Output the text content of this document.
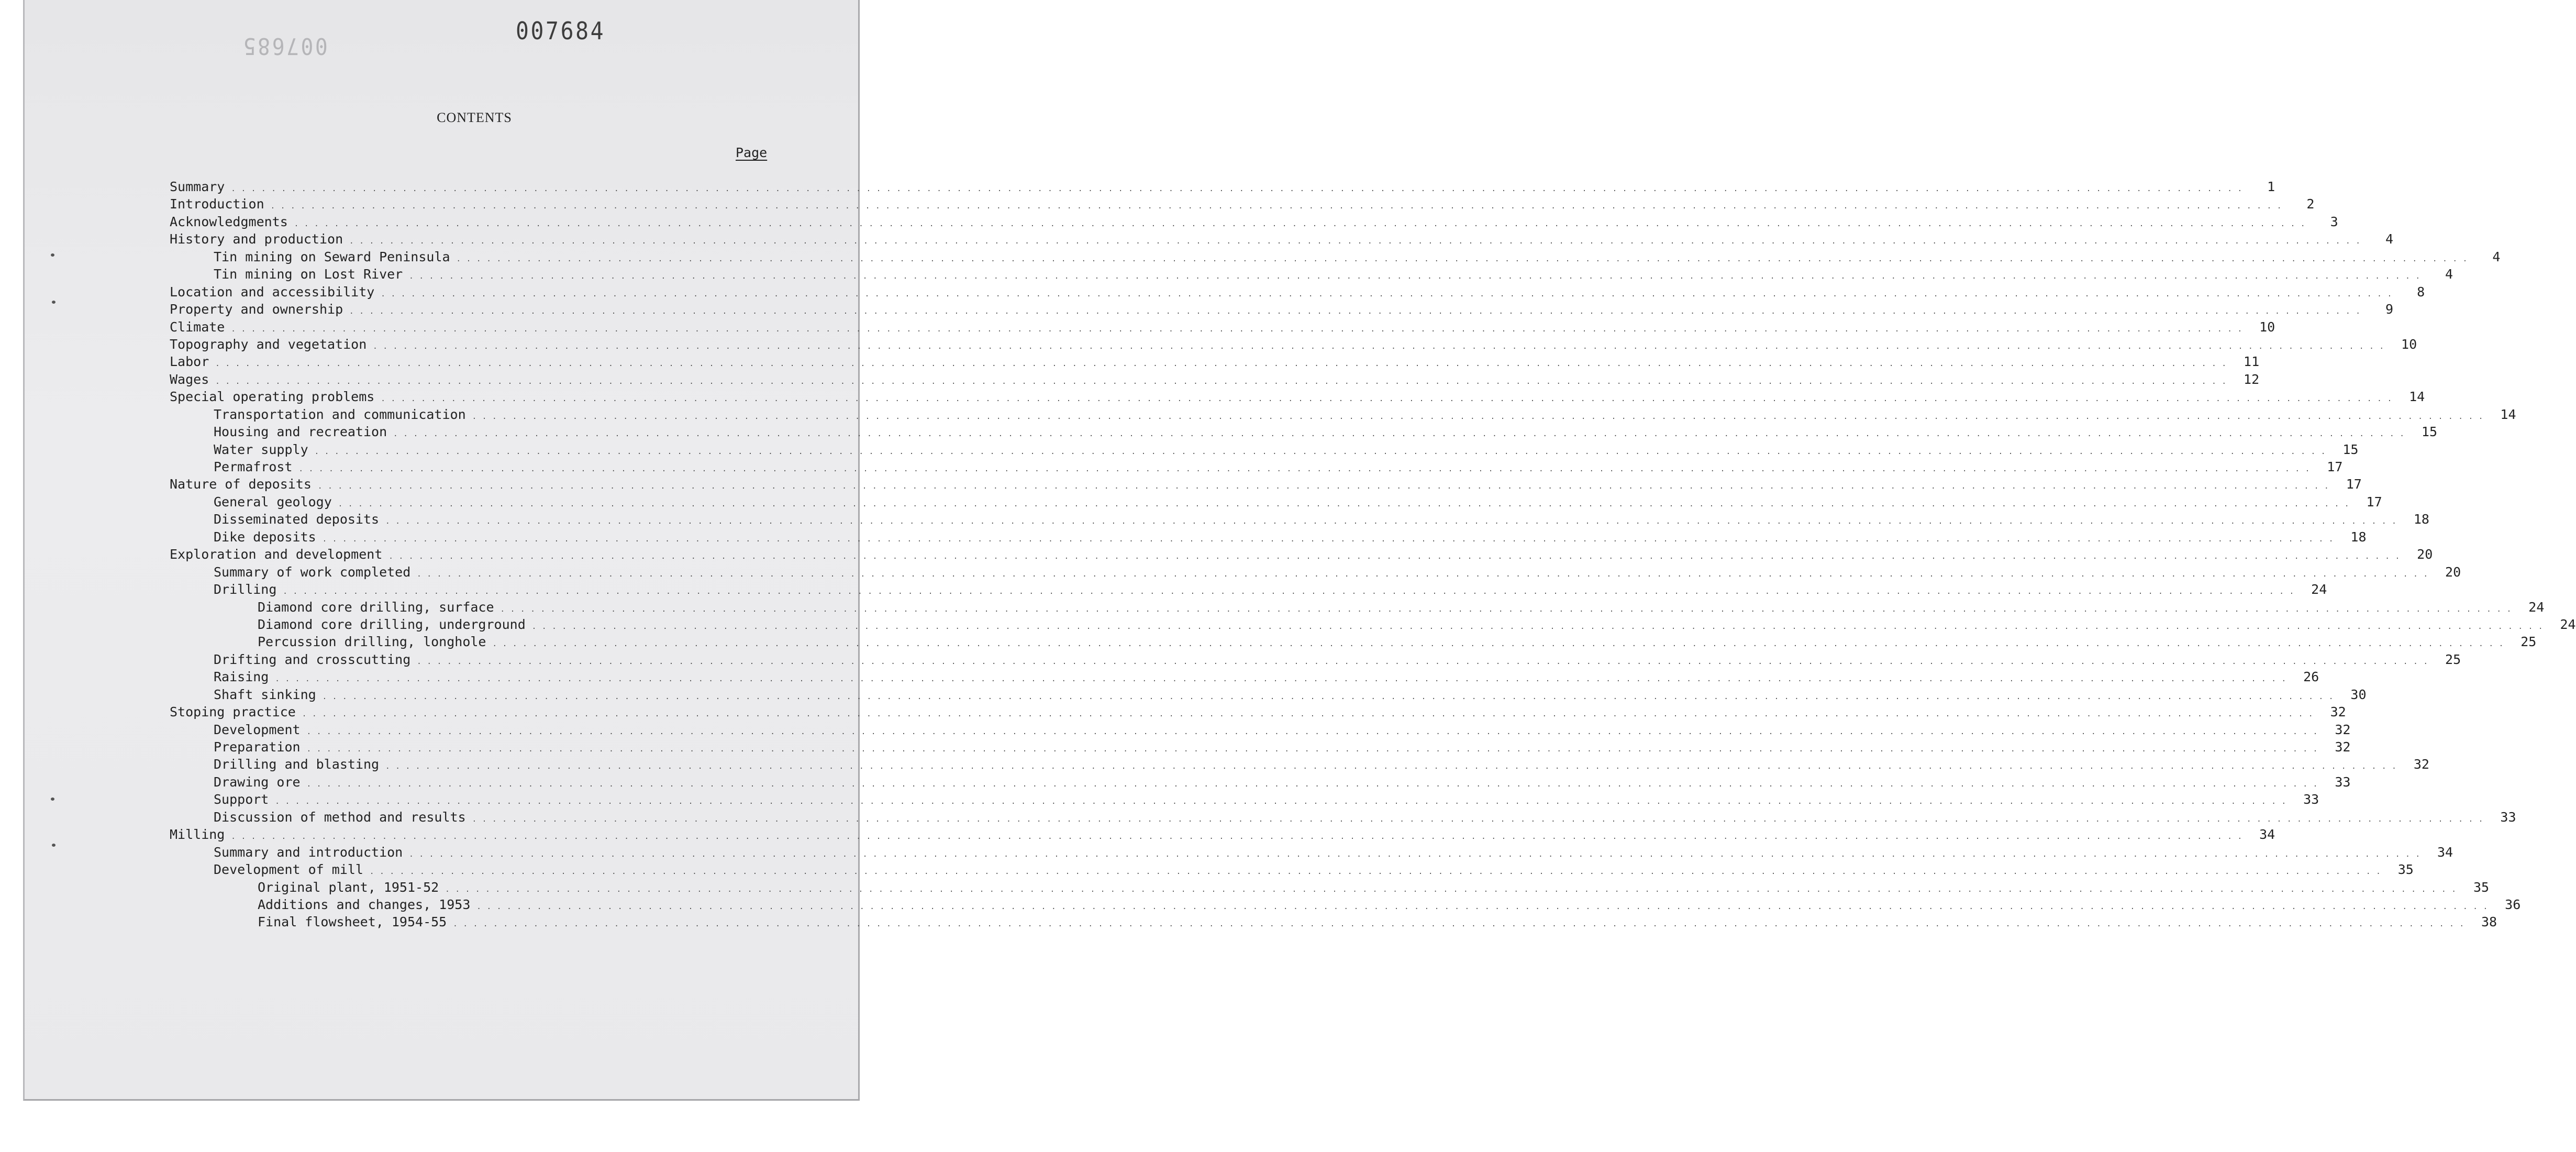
007685
007684
CONTENTS
Page
Summary . . . . . . . . . . . . . . . . . . . . . . . . . . . . . . . . . . . . . . . . . . . . . . . . . . . . . . . . . . . . . . . . . . . . . . . . . . . . . . . . . . . . . . . . . . . . . . . . . . . . . . . . . . . . . . . . . . . . . . . . . . . . . . . . . . . . . . . . . . . . . . . . . . . . . . . . . . . . . . . . . . . . . . . . . . . . . . . . . . . . . . . . . . . . . . . . . . . . . . . .	1
Introduction . . . . . . . . . . . . . . . . . . . . . . . . . . . . . . . . . . . . . . . . . . . . . . . . . . . . . . . . . . . . . . . . . . . . . . . . . . . . . . . . . . . . . . . . . . . . . . . . . . . . . . . . . . . . . . . . . . . . . . . . . . . . . . . . . . . . . . . . . . . . . . . . . . . . . . . . . . . . . . . . . . . . . . . . . . . . . . . . . . . . . . . . . . . . . . . . . . . . . . . .	2
Acknowledgments . . . . . . . . . . . . . . . . . . . . . . . . . . . . . . . . . . . . . . . . . . . . . . . . . . . . . . . . . . . . . . . . . . . . . . . . . . . . . . . . . . . . . . . . . . . . . . . . . . . . . . . . . . . . . . . . . . . . . . . . . . . . . . . . . . . . . . . . . . . . . . . . . . . . . . . . . . . . . . . . . . . . . . . . . . . . . . . . . . . . . . . . . . . . . . . . . . . . . . . .	3
History and production . . . . . . . . . . . . . . . . . . . . . . . . . . . . . . . . . . . . . . . . . . . . . . . . . . . . . . . . . . . . . . . . . . . . . . . . . . . . . . . . . . . . . . . . . . . . . . . . . . . . . . . . . . . . . . . . . . . . . . . . . . . . . . . . . . . . . . . . . . . . . . . . . . . . . . . . . . . . . . . . . . . . . . . . . . . . . . . . . . . . . . . . . . . . . . . . . . . . . . . .	4
Tin mining on Seward Peninsula . . . . . . . . . . . . . . . . . . . . . . . . . . . . . . . . . . . . . . . . . . . . . . . . . . . . . . . . . . . . . . . . . . . . . . . . . . . . . . . . . . . . . . . . . . . . . . . . . . . . . . . . . . . . . . . . . . . . . . . . . . . . . . . . . . . . . . . . . . . . . . . . . . . . . . . . . . . . . . . . . . . . . . . . . . . . . . . . . . . . . . . . . . . . . . . . . . . . . . . .	4
Tin mining on Lost River . . . . . . . . . . . . . . . . . . . . . . . . . . . . . . . . . . . . . . . . . . . . . . . . . . . . . . . . . . . . . . . . . . . . . . . . . . . . . . . . . . . . . . . . . . . . . . . . . . . . . . . . . . . . . . . . . . . . . . . . . . . . . . . . . . . . . . . . . . . . . . . . . . . . . . . . . . . . . . . . . . . . . . . . . . . . . . . . . . . . . . . . . . . . . . . . . . . . . . . .	4
Location and accessibility . . . . . . . . . . . . . . . . . . . . . . . . . . . . . . . . . . . . . . . . . . . . . . . . . . . . . . . . . . . . . . . . . . . . . . . . . . . . . . . . . . . . . . . . . . . . . . . . . . . . . . . . . . . . . . . . . . . . . . . . . . . . . . . . . . . . . . . . . . . . . . . . . . . . . . . . . . . . . . . . . . . . . . . . . . . . . . . . . . . . . . . . . . . . . . . . . . . . . . . .	8
Property and ownership . . . . . . . . . . . . . . . . . . . . . . . . . . . . . . . . . . . . . . . . . . . . . . . . . . . . . . . . . . . . . . . . . . . . . . . . . . . . . . . . . . . . . . . . . . . . . . . . . . . . . . . . . . . . . . . . . . . . . . . . . . . . . . . . . . . . . . . . . . . . . . . . . . . . . . . . . . . . . . . . . . . . . . . . . . . . . . . . . . . . . . . . . . . . . . . . . . . . . . . .	9
Climate . . . . . . . . . . . . . . . . . . . . . . . . . . . . . . . . . . . . . . . . . . . . . . . . . . . . . . . . . . . . . . . . . . . . . . . . . . . . . . . . . . . . . . . . . . . . . . . . . . . . . . . . . . . . . . . . . . . . . . . . . . . . . . . . . . . . . . . . . . . . . . . . . . . . . . . . . . . . . . . . . . . . . . . . . . . . . . . . . . . . . . . . . . . . . . . . . . . . . . . .	10
Topography and vegetation . . . . . . . . . . . . . . . . . . . . . . . . . . . . . . . . . . . . . . . . . . . . . . . . . . . . . . . . . . . . . . . . . . . . . . . . . . . . . . . . . . . . . . . . . . . . . . . . . . . . . . . . . . . . . . . . . . . . . . . . . . . . . . . . . . . . . . . . . . . . . . . . . . . . . . . . . . . . . . . . . . . . . . . . . . . . . . . . . . . . . . . . . . . . . . . . . . . . . . . .	10
Labor . . . . . . . . . . . . . . . . . . . . . . . . . . . . . . . . . . . . . . . . . . . . . . . . . . . . . . . . . . . . . . . . . . . . . . . . . . . . . . . . . . . . . . . . . . . . . . . . . . . . . . . . . . . . . . . . . . . . . . . . . . . . . . . . . . . . . . . . . . . . . . . . . . . . . . . . . . . . . . . . . . . . . . . . . . . . . . . . . . . . . . . . . . . . . . . . . . . . . . . .	11
Wages . . . . . . . . . . . . . . . . . . . . . . . . . . . . . . . . . . . . . . . . . . . . . . . . . . . . . . . . . . . . . . . . . . . . . . . . . . . . . . . . . . . . . . . . . . . . . . . . . . . . . . . . . . . . . . . . . . . . . . . . . . . . . . . . . . . . . . . . . . . . . . . . . . . . . . . . . . . . . . . . . . . . . . . . . . . . . . . . . . . . . . . . . . . . . . . . . . . . . . . .	12
Special operating problems . . . . . . . . . . . . . . . . . . . . . . . . . . . . . . . . . . . . . . . . . . . . . . . . . . . . . . . . . . . . . . . . . . . . . . . . . . . . . . . . . . . . . . . . . . . . . . . . . . . . . . . . . . . . . . . . . . . . . . . . . . . . . . . . . . . . . . . . . . . . . . . . . . . . . . . . . . . . . . . . . . . . . . . . . . . . . . . . . . . . . . . . . . . . . . . . . . . . . . . .	14
Transportation and communication . . . . . . . . . . . . . . . . . . . . . . . . . . . . . . . . . . . . . . . . . . . . . . . . . . . . . . . . . . . . . . . . . . . . . . . . . . . . . . . . . . . . . . . . . . . . . . . . . . . . . . . . . . . . . . . . . . . . . . . . . . . . . . . . . . . . . . . . . . . . . . . . . . . . . . . . . . . . . . . . . . . . . . . . . . . . . . . . . . . . . . . . . . . . . . . . . . . . . . . .	14
Housing and recreation . . . . . . . . . . . . . . . . . . . . . . . . . . . . . . . . . . . . . . . . . . . . . . . . . . . . . . . . . . . . . . . . . . . . . . . . . . . . . . . . . . . . . . . . . . . . . . . . . . . . . . . . . . . . . . . . . . . . . . . . . . . . . . . . . . . . . . . . . . . . . . . . . . . . . . . . . . . . . . . . . . . . . . . . . . . . . . . . . . . . . . . . . . . . . . . . . . . . . . . .	15
Water supply . . . . . . . . . . . . . . . . . . . . . . . . . . . . . . . . . . . . . . . . . . . . . . . . . . . . . . . . . . . . . . . . . . . . . . . . . . . . . . . . . . . . . . . . . . . . . . . . . . . . . . . . . . . . . . . . . . . . . . . . . . . . . . . . . . . . . . . . . . . . . . . . . . . . . . . . . . . . . . . . . . . . . . . . . . . . . . . . . . . . . . . . . . . . . . . . . . . . . . . .	15
Permafrost . . . . . . . . . . . . . . . . . . . . . . . . . . . . . . . . . . . . . . . . . . . . . . . . . . . . . . . . . . . . . . . . . . . . . . . . . . . . . . . . . . . . . . . . . . . . . . . . . . . . . . . . . . . . . . . . . . . . . . . . . . . . . . . . . . . . . . . . . . . . . . . . . . . . . . . . . . . . . . . . . . . . . . . . . . . . . . . . . . . . . . . . . . . . . . . . . . . . . . . .	17
Nature of deposits . . . . . . . . . . . . . . . . . . . . . . . . . . . . . . . . . . . . . . . . . . . . . . . . . . . . . . . . . . . . . . . . . . . . . . . . . . . . . . . . . . . . . . . . . . . . . . . . . . . . . . . . . . . . . . . . . . . . . . . . . . . . . . . . . . . . . . . . . . . . . . . . . . . . . . . . . . . . . . . . . . . . . . . . . . . . . . . . . . . . . . . . . . . . . . . . . . . . . . . .	17
General geology . . . . . . . . . . . . . . . . . . . . . . . . . . . . . . . . . . . . . . . . . . . . . . . . . . . . . . . . . . . . . . . . . . . . . . . . . . . . . . . . . . . . . . . . . . . . . . . . . . . . . . . . . . . . . . . . . . . . . . . . . . . . . . . . . . . . . . . . . . . . . . . . . . . . . . . . . . . . . . . . . . . . . . . . . . . . . . . . . . . . . . . . . . . . . . . . . . . . . . . .	17
Disseminated deposits . . . . . . . . . . . . . . . . . . . . . . . . . . . . . . . . . . . . . . . . . . . . . . . . . . . . . . . . . . . . . . . . . . . . . . . . . . . . . . . . . . . . . . . . . . . . . . . . . . . . . . . . . . . . . . . . . . . . . . . . . . . . . . . . . . . . . . . . . . . . . . . . . . . . . . . . . . . . . . . . . . . . . . . . . . . . . . . . . . . . . . . . . . . . . . . . . . . . . . . .	18
Dike deposits . . . . . . . . . . . . . . . . . . . . . . . . . . . . . . . . . . . . . . . . . . . . . . . . . . . . . . . . . . . . . . . . . . . . . . . . . . . . . . . . . . . . . . . . . . . . . . . . . . . . . . . . . . . . . . . . . . . . . . . . . . . . . . . . . . . . . . . . . . . . . . . . . . . . . . . . . . . . . . . . . . . . . . . . . . . . . . . . . . . . . . . . . . . . . . . . . . . . . . . .	18
Exploration and development . . . . . . . . . . . . . . . . . . . . . . . . . . . . . . . . . . . . . . . . . . . . . . . . . . . . . . . . . . . . . . . . . . . . . . . . . . . . . . . . . . . . . . . . . . . . . . . . . . . . . . . . . . . . . . . . . . . . . . . . . . . . . . . . . . . . . . . . . . . . . . . . . . . . . . . . . . . . . . . . . . . . . . . . . . . . . . . . . . . . . . . . . . . . . . . . . . . . . . . .	20
Summary of work completed . . . . . . . . . . . . . . . . . . . . . . . . . . . . . . . . . . . . . . . . . . . . . . . . . . . . . . . . . . . . . . . . . . . . . . . . . . . . . . . . . . . . . . . . . . . . . . . . . . . . . . . . . . . . . . . . . . . . . . . . . . . . . . . . . . . . . . . . . . . . . . . . . . . . . . . . . . . . . . . . . . . . . . . . . . . . . . . . . . . . . . . . . . . . . . . . . . . . . . . .	20
Drilling . . . . . . . . . . . . . . . . . . . . . . . . . . . . . . . . . . . . . . . . . . . . . . . . . . . . . . . . . . . . . . . . . . . . . . . . . . . . . . . . . . . . . . . . . . . . . . . . . . . . . . . . . . . . . . . . . . . . . . . . . . . . . . . . . . . . . . . . . . . . . . . . . . . . . . . . . . . . . . . . . . . . . . . . . . . . . . . . . . . . . . . . . . . . . . . . . . . . . . . .	24
Diamond core drilling, surface . . . . . . . . . . . . . . . . . . . . . . . . . . . . . . . . . . . . . . . . . . . . . . . . . . . . . . . . . . . . . . . . . . . . . . . . . . . . . . . . . . . . . . . . . . . . . . . . . . . . . . . . . . . . . . . . . . . . . . . . . . . . . . . . . . . . . . . . . . . . . . . . . . . . . . . . . . . . . . . . . . . . . . . . . . . . . . . . . . . . . . . . . . . . . . . . . . . . . . . .	24
Diamond core drilling, underground . . . . . . . . . . . . . . . . . . . . . . . . . . . . . . . . . . . . . . . . . . . . . . . . . . . . . . . . . . . . . . . . . . . . . . . . . . . . . . . . . . . . . . . . . . . . . . . . . . . . . . . . . . . . . . . . . . . . . . . . . . . . . . . . . . . . . . . . . . . . . . . . . . . . . . . . . . . . . . . . . . . . . . . . . . . . . . . . . . . . . . . . . . . . . . . . . . . . . . . .	24
Percussion drilling, longhole . . . . . . . . . . . . . . . . . . . . . . . . . . . . . . . . . . . . . . . . . . . . . . . . . . . . . . . . . . . . . . . . . . . . . . . . . . . . . . . . . . . . . . . . . . . . . . . . . . . . . . . . . . . . . . . . . . . . . . . . . . . . . . . . . . . . . . . . . . . . . . . . . . . . . . . . . . . . . . . . . . . . . . . . . . . . . . . . . . . . . . . . . . . . . . . . . . . . . . . .	25
Drifting and crosscutting . . . . . . . . . . . . . . . . . . . . . . . . . . . . . . . . . . . . . . . . . . . . . . . . . . . . . . . . . . . . . . . . . . . . . . . . . . . . . . . . . . . . . . . . . . . . . . . . . . . . . . . . . . . . . . . . . . . . . . . . . . . . . . . . . . . . . . . . . . . . . . . . . . . . . . . . . . . . . . . . . . . . . . . . . . . . . . . . . . . . . . . . . . . . . . . . . . . . . . . .	25
Raising . . . . . . . . . . . . . . . . . . . . . . . . . . . . . . . . . . . . . . . . . . . . . . . . . . . . . . . . . . . . . . . . . . . . . . . . . . . . . . . . . . . . . . . . . . . . . . . . . . . . . . . . . . . . . . . . . . . . . . . . . . . . . . . . . . . . . . . . . . . . . . . . . . . . . . . . . . . . . . . . . . . . . . . . . . . . . . . . . . . . . . . . . . . . . . . . . . . . . . . .	26
Shaft sinking . . . . . . . . . . . . . . . . . . . . . . . . . . . . . . . . . . . . . . . . . . . . . . . . . . . . . . . . . . . . . . . . . . . . . . . . . . . . . . . . . . . . . . . . . . . . . . . . . . . . . . . . . . . . . . . . . . . . . . . . . . . . . . . . . . . . . . . . . . . . . . . . . . . . . . . . . . . . . . . . . . . . . . . . . . . . . . . . . . . . . . . . . . . . . . . . . . . . . . . .	30
Stoping practice . . . . . . . . . . . . . . . . . . . . . . . . . . . . . . . . . . . . . . . . . . . . . . . . . . . . . . . . . . . . . . . . . . . . . . . . . . . . . . . . . . . . . . . . . . . . . . . . . . . . . . . . . . . . . . . . . . . . . . . . . . . . . . . . . . . . . . . . . . . . . . . . . . . . . . . . . . . . . . . . . . . . . . . . . . . . . . . . . . . . . . . . . . . . . . . . . . . . . . . .	32
Development . . . . . . . . . . . . . . . . . . . . . . . . . . . . . . . . . . . . . . . . . . . . . . . . . . . . . . . . . . . . . . . . . . . . . . . . . . . . . . . . . . . . . . . . . . . . . . . . . . . . . . . . . . . . . . . . . . . . . . . . . . . . . . . . . . . . . . . . . . . . . . . . . . . . . . . . . . . . . . . . . . . . . . . . . . . . . . . . . . . . . . . . . . . . . . . . . . . . . . . .	32
Preparation . . . . . . . . . . . . . . . . . . . . . . . . . . . . . . . . . . . . . . . . . . . . . . . . . . . . . . . . . . . . . . . . . . . . . . . . . . . . . . . . . . . . . . . . . . . . . . . . . . . . . . . . . . . . . . . . . . . . . . . . . . . . . . . . . . . . . . . . . . . . . . . . . . . . . . . . . . . . . . . . . . . . . . . . . . . . . . . . . . . . . . . . . . . . . . . . . . . . . . . .	32
Drilling and blasting . . . . . . . . . . . . . . . . . . . . . . . . . . . . . . . . . . . . . . . . . . . . . . . . . . . . . . . . . . . . . . . . . . . . . . . . . . . . . . . . . . . . . . . . . . . . . . . . . . . . . . . . . . . . . . . . . . . . . . . . . . . . . . . . . . . . . . . . . . . . . . . . . . . . . . . . . . . . . . . . . . . . . . . . . . . . . . . . . . . . . . . . . . . . . . . . . . . . . . . .	32
Drawing ore . . . . . . . . . . . . . . . . . . . . . . . . . . . . . . . . . . . . . . . . . . . . . . . . . . . . . . . . . . . . . . . . . . . . . . . . . . . . . . . . . . . . . . . . . . . . . . . . . . . . . . . . . . . . . . . . . . . . . . . . . . . . . . . . . . . . . . . . . . . . . . . . . . . . . . . . . . . . . . . . . . . . . . . . . . . . . . . . . . . . . . . . . . . . . . . . . . . . . . . .	33
Support . . . . . . . . . . . . . . . . . . . . . . . . . . . . . . . . . . . . . . . . . . . . . . . . . . . . . . . . . . . . . . . . . . . . . . . . . . . . . . . . . . . . . . . . . . . . . . . . . . . . . . . . . . . . . . . . . . . . . . . . . . . . . . . . . . . . . . . . . . . . . . . . . . . . . . . . . . . . . . . . . . . . . . . . . . . . . . . . . . . . . . . . . . . . . . . . . . . . . . . .	33
Discussion of method and results . . . . . . . . . . . . . . . . . . . . . . . . . . . . . . . . . . . . . . . . . . . . . . . . . . . . . . . . . . . . . . . . . . . . . . . . . . . . . . . . . . . . . . . . . . . . . . . . . . . . . . . . . . . . . . . . . . . . . . . . . . . . . . . . . . . . . . . . . . . . . . . . . . . . . . . . . . . . . . . . . . . . . . . . . . . . . . . . . . . . . . . . . . . . . . . . . . . . . . . .	33
Milling . . . . . . . . . . . . . . . . . . . . . . . . . . . . . . . . . . . . . . . . . . . . . . . . . . . . . . . . . . . . . . . . . . . . . . . . . . . . . . . . . . . . . . . . . . . . . . . . . . . . . . . . . . . . . . . . . . . . . . . . . . . . . . . . . . . . . . . . . . . . . . . . . . . . . . . . . . . . . . . . . . . . . . . . . . . . . . . . . . . . . . . . . . . . . . . . . . . . . . . .	34
Summary and introduction . . . . . . . . . . . . . . . . . . . . . . . . . . . . . . . . . . . . . . . . . . . . . . . . . . . . . . . . . . . . . . . . . . . . . . . . . . . . . . . . . . . . . . . . . . . . . . . . . . . . . . . . . . . . . . . . . . . . . . . . . . . . . . . . . . . . . . . . . . . . . . . . . . . . . . . . . . . . . . . . . . . . . . . . . . . . . . . . . . . . . . . . . . . . . . . . . . . . . . . .	34
Development of mill . . . . . . . . . . . . . . . . . . . . . . . . . . . . . . . . . . . . . . . . . . . . . . . . . . . . . . . . . . . . . . . . . . . . . . . . . . . . . . . . . . . . . . . . . . . . . . . . . . . . . . . . . . . . . . . . . . . . . . . . . . . . . . . . . . . . . . . . . . . . . . . . . . . . . . . . . . . . . . . . . . . . . . . . . . . . . . . . . . . . . . . . . . . . . . . . . . . . . . . .	35
Original plant, 1951-52 . . . . . . . . . . . . . . . . . . . . . . . . . . . . . . . . . . . . . . . . . . . . . . . . . . . . . . . . . . . . . . . . . . . . . . . . . . . . . . . . . . . . . . . . . . . . . . . . . . . . . . . . . . . . . . . . . . . . . . . . . . . . . . . . . . . . . . . . . . . . . . . . . . . . . . . . . . . . . . . . . . . . . . . . . . . . . . . . . . . . . . . . . . . . . . . . . . . . . . . .	35
Additions and changes, 1953 . . . . . . . . . . . . . . . . . . . . . . . . . . . . . . . . . . . . . . . . . . . . . . . . . . . . . . . . . . . . . . . . . . . . . . . . . . . . . . . . . . . . . . . . . . . . . . . . . . . . . . . . . . . . . . . . . . . . . . . . . . . . . . . . . . . . . . . . . . . . . . . . . . . . . . . . . . . . . . . . . . . . . . . . . . . . . . . . . . . . . . . . . . . . . . . . . . . . . . . .	36
Final flowsheet, 1954-55 . . . . . . . . . . . . . . . . . . . . . . . . . . . . . . . . . . . . . . . . . . . . . . . . . . . . . . . . . . . . . . . . . . . . . . . . . . . . . . . . . . . . . . . . . . . . . . . . . . . . . . . . . . . . . . . . . . . . . . . . . . . . . . . . . . . . . . . . . . . . . . . . . . . . . . . . . . . . . . . . . . . . . . . . . . . . . . . . . . . . . . . . . . . . . . . . . . . . . . . .	38
